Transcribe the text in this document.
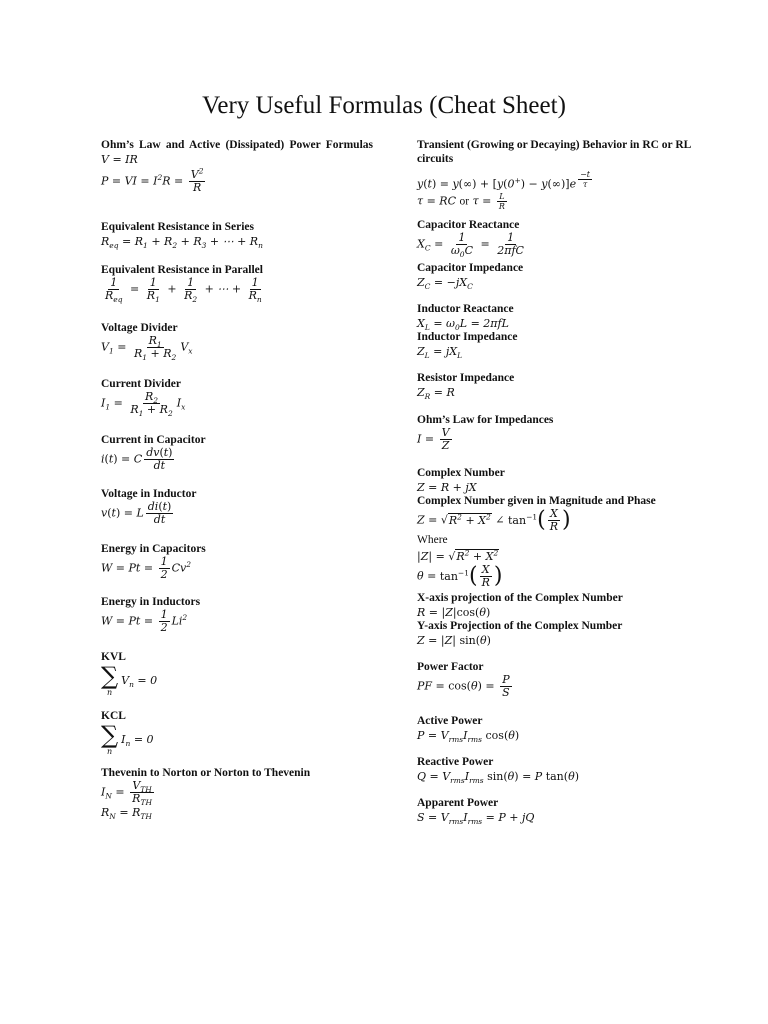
Very Useful Formulas (Cheat Sheet)
Ohm’s Law and Active (Dissipated) Power Formulas
V = IR
P = VI = $I^2R = \frac{V^2}{R}$
Equivalent Resistance in Series
$R_{eq} = R_1 + R_2 + R_3$ + ⋯ + $R_n$
Equivalent Resistance in Parallel
$\frac{1}{R_{eq}} = \frac{1}{R_1} + \frac{1}{R_2}$ + ⋯ + $\frac{1}{R_n}$
Voltage Divider
$V_1 = \frac{R_1}{R_1 + R_2} V_x$
Current Divider
$I_1 = \frac{R_2}{R_1 + R_2} I_x$
Current in Capacitor
i(t) = C $\frac{dv(t)}{dt}$
Voltage in Inductor
v(t) = L $\frac{di(t)}{dt}$
Energy in Capacitors
$W = Pt = \frac{1}{2} Cv^2$
Energy in Inductors
$W = Pt = \frac{1}{2} Li^2$
KVL
∑
n
$V_n = 0$
KCL
∑
n
$I_n = 0$
Thevenin to Norton or Norton to Thevenin
$I_N = \frac{V_{TH}}{R_{TH}}$
$R_N = R_{TH}$
Transient (Growing or Decaying) Behavior in RC or RL circuits
y(t) = y(∞) + [y(0+) − y(∞)]e $^{\frac{-t}{\tau}}$
τ = RC or $\tau = \frac{L}{R}$
Capacitor Reactance
$X_C = \frac{1}{\omega_0C} = \frac{1}{\text{2πfC}}$
Capacitor Impedance
$Z_C = -jX_C$
Inductor Reactance
$X_L = \omega_0L = 2\pi fL$
Inductor Impedance
$Z_L = jX_L$
Resistor Impedance
$Z_R = R$
Ohm’s Law for Impedances
$I = \frac{V}{Z}$
Complex Number
Z = R + jX
Complex Number given in Magnitude and Phase
$Z = √R^2 + X^2$ ∠ $\tan^{-1}( \frac{X}{R}$ )
Where
$|Z| = √R^2 + X^2$
$\theta = \tan^{-1}( \frac{X}{R}$ )
X-axis projection of the Complex Number
R = |Z|cos(θ)
Y-axis Projection of the Complex Number
Z = |Z| sin(θ)
Power Factor
PF = $\cos(\theta) = \frac{P}{S}$
Active Power
$P = V_{rms}I_{rms}$ cos(θ)
Reactive Power
$Q = V_{rms}I_{rms}$ sin(θ) = P tan(θ)
Apparent Power
$S = V_{rms}I_{rms} = P$ + jQ
